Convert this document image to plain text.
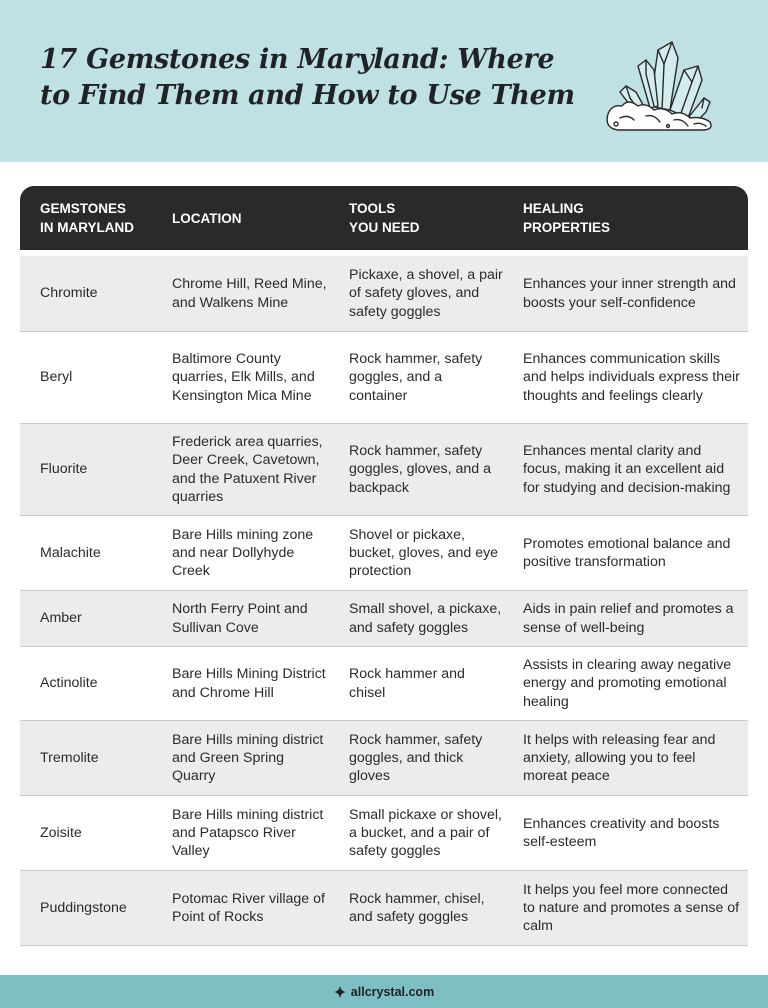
17 Gemstones in Maryland: Where to Find Them and How to Use Them
GEMSTONES
IN MARYLAND
LOCATION
TOOLS
YOU NEED
HEALING
PROPERTIES
Chromite
Chrome Hill, Reed Mine, and Walkens Mine
Pickaxe, a shovel, a pair of safety gloves, and safety goggles
Enhances your inner strength and boosts your self-confidence
Beryl
Baltimore County quarries, Elk Mills, and Kensington Mica Mine
Rock hammer, safety goggles, and a container
Enhances communication skills and helps individuals express their thoughts and feelings clearly
Fluorite
Frederick area quarries, Deer Creek, Cavetown, and the Patuxent River quarries
Rock hammer, safety goggles, gloves, and a backpack
Enhances mental clarity and focus, making it an excellent aid for studying and decision-making
Malachite
Bare Hills mining zone and near Dollyhyde Creek
Shovel or pickaxe, bucket, gloves, and eye protection
Promotes emotional balance and positive transformation
Amber
North Ferry Point and Sullivan Cove
Small shovel, a pickaxe, and safety goggles
Aids in pain relief and promotes a sense of well-being
Actinolite
Bare Hills Mining District and Chrome Hill
Rock hammer and chisel
Assists in clearing away negative energy and promoting emotional healing
Tremolite
Bare Hills mining district and Green Spring Quarry
Rock hammer, safety goggles, and thick gloves
It helps with releasing fear and anxiety, allowing you to feel moreat peace
Zoisite
Bare Hills mining district and Patapsco River Valley
Small pickaxe or shovel, a bucket, and a pair of safety goggles
Enhances creativity and boosts self-esteem
Puddingstone
Potomac River village of Point of Rocks
Rock hammer, chisel, and safety goggles
It helps you feel more connected to nature and promotes a sense of calm
allcrystal.com
